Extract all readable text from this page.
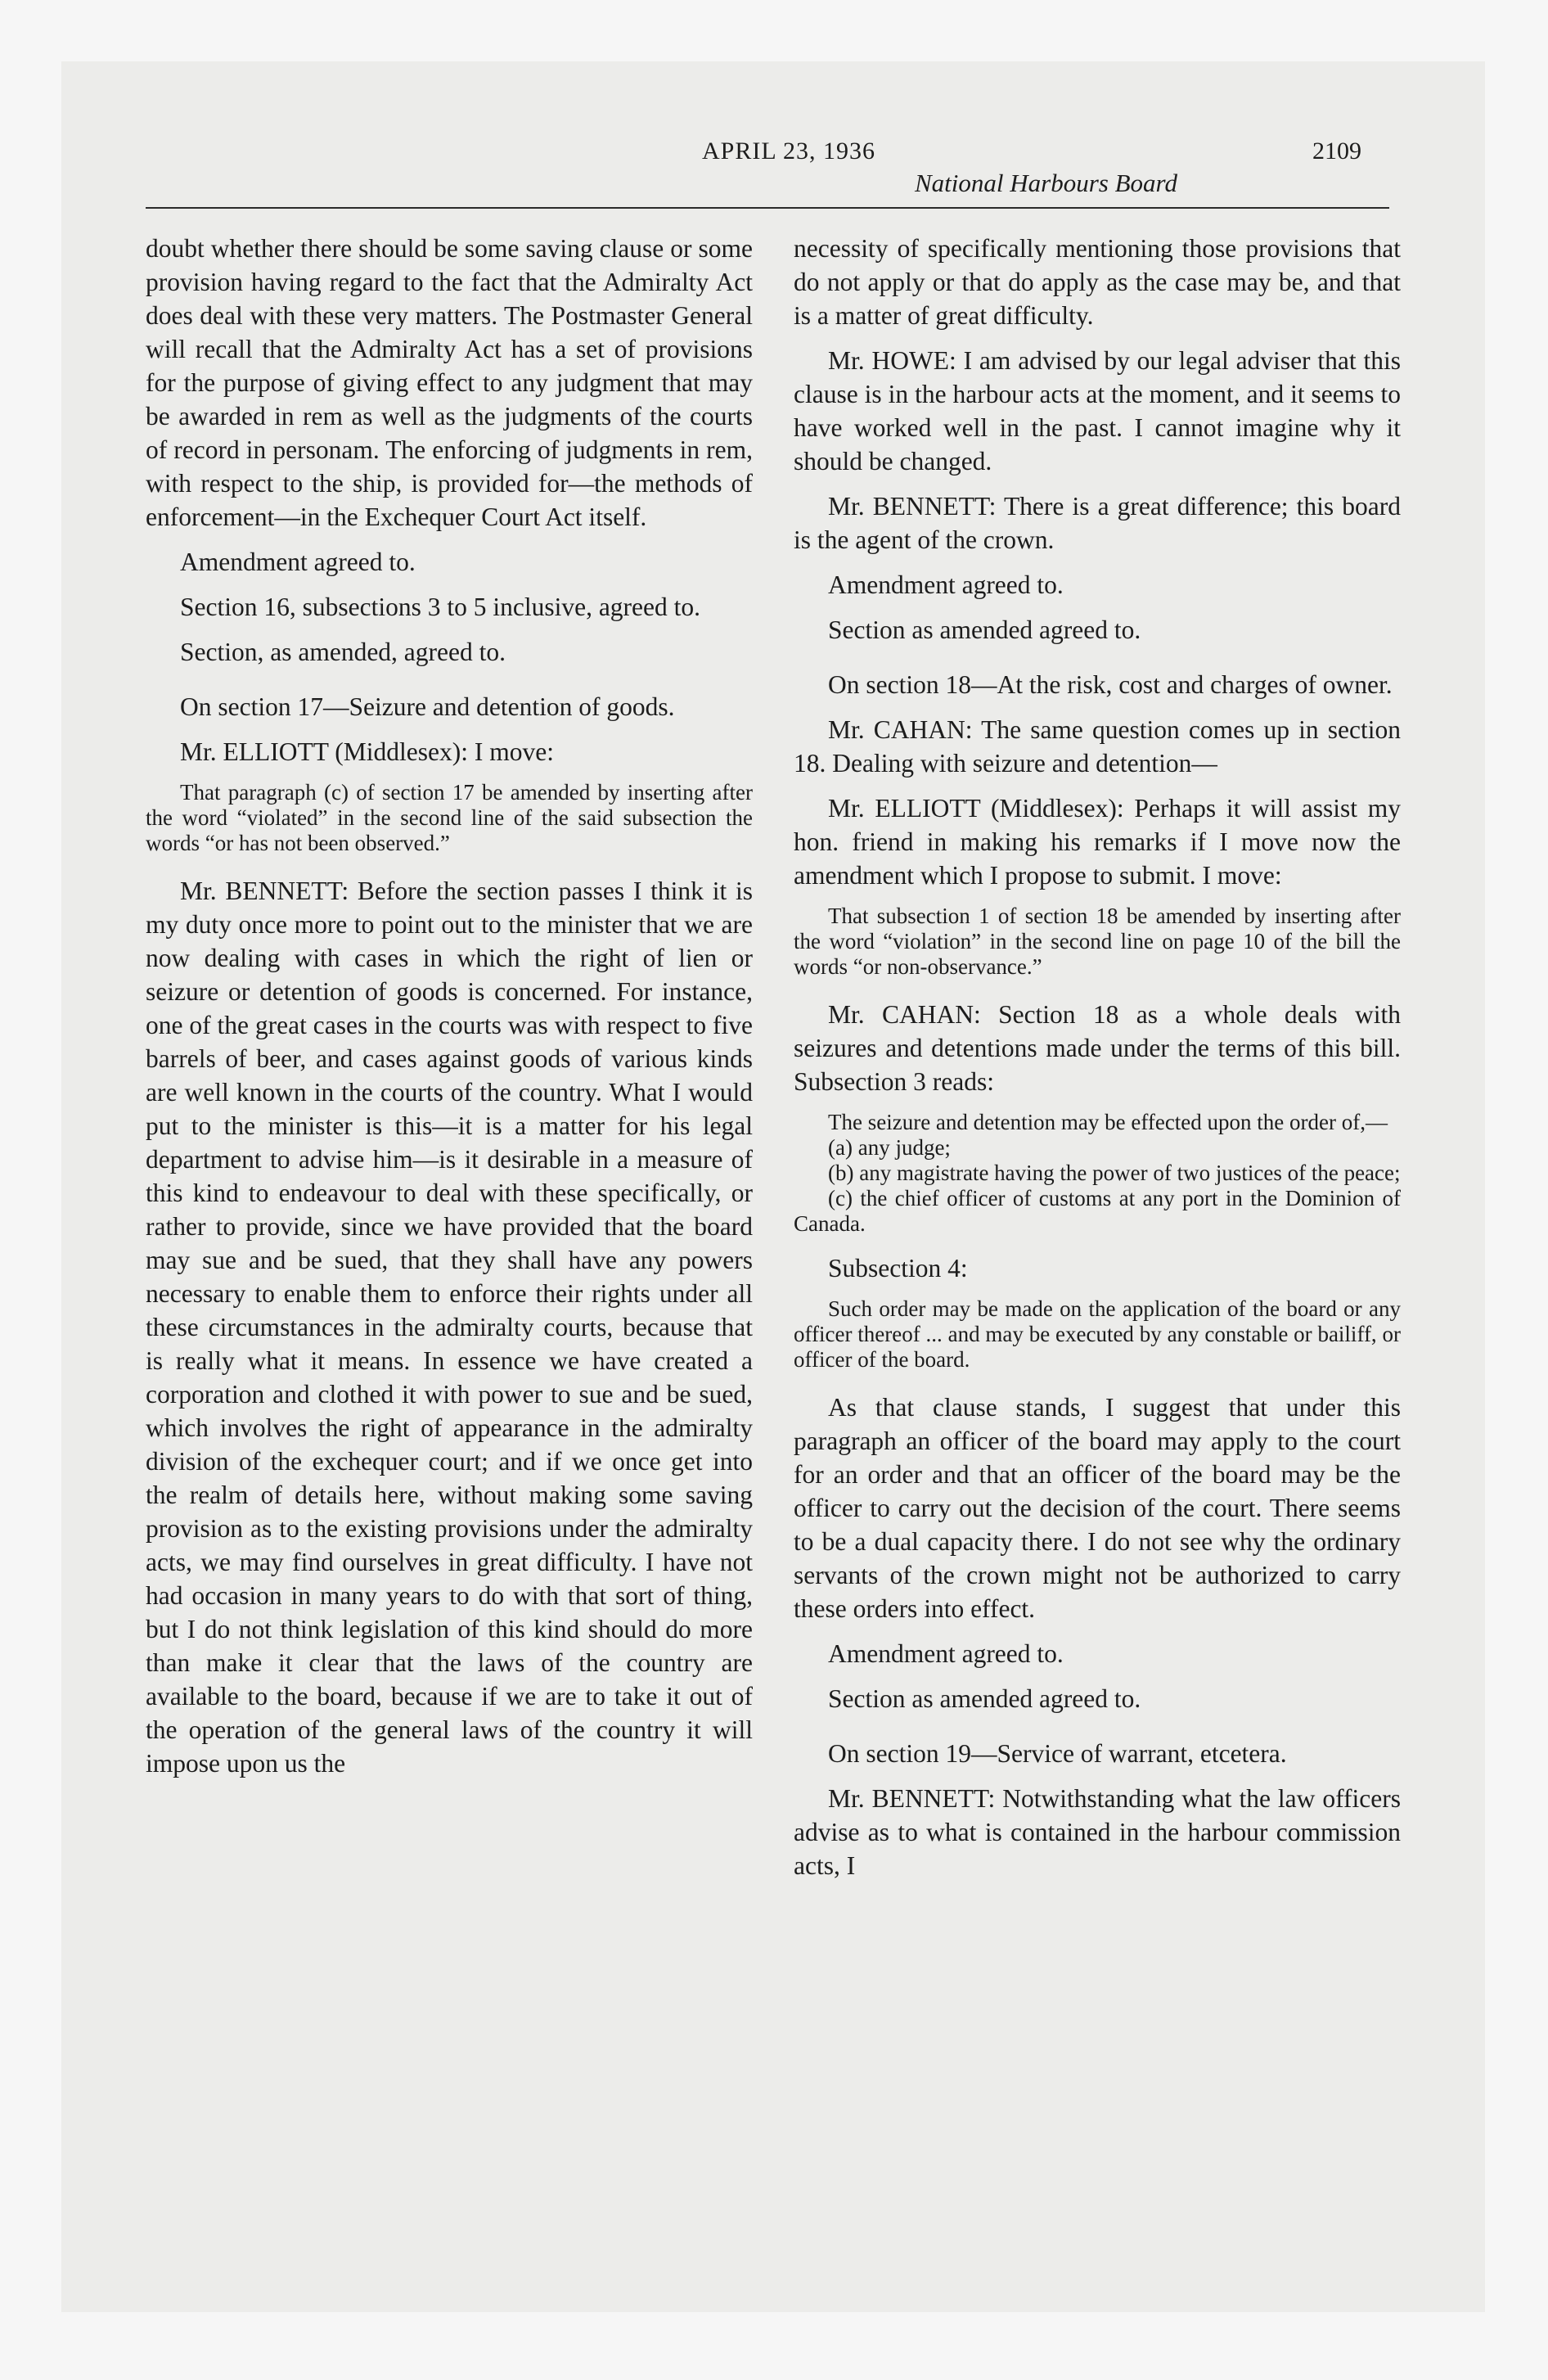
APRIL 23, 1936	2109
National Harbours Board

doubt whether there should be some saving clause or some provision having regard to the fact that the Admiralty Act does deal with these very matters. The Postmaster General will recall that the Admiralty Act has a set of provisions for the purpose of giving effect to any judgment that may be awarded in rem as well as the judgments of the courts of record in personam. The enforcing of judgments in rem, with respect to the ship, is provided for—the methods of enforcement—in the Exchequer Court Act itself.

Amendment agreed to.

Section 16, subsections 3 to 5 inclusive, agreed to.

Section, as amended, agreed to.

On section 17—Seizure and detention of goods.

Mr. ELLIOTT (Middlesex): I move:

That paragraph (c) of section 17 be amended by inserting after the word “violated” in the second line of the said subsection the words “or has not been observed.”

Mr. BENNETT: Before the section passes I think it is my duty once more to point out to the minister that we are now dealing with cases in which the right of lien or seizure or detention of goods is concerned. For instance, one of the great cases in the courts was with respect to five barrels of beer, and cases against goods of various kinds are well known in the courts of the country. What I would put to the minister is this—it is a matter for his legal department to advise him—is it desirable in a measure of this kind to endeavour to deal with these specifically, or rather to provide, since we have provided that the board may sue and be sued, that they shall have any powers necessary to enable them to enforce their rights under all these circumstances in the admiralty courts, because that is really what it means. In essence we have created a corporation and clothed it with power to sue and be sued, which involves the right of appearance in the admiralty division of the exchequer court; and if we once get into the realm of details here, without making some saving provision as to the existing provisions under the admiralty acts, we may find ourselves in great difficulty. I have not had occasion in many years to do with that sort of thing, but I do not think legislation of this kind should do more than make it clear that the laws of the country are available to the board, because if we are to take it out of the operation of the general laws of the country it will impose upon us the

necessity of specifically mentioning those provisions that do not apply or that do apply as the case may be, and that is a matter of great difficulty.

Mr. HOWE: I am advised by our legal adviser that this clause is in the harbour acts at the moment, and it seems to have worked well in the past. I cannot imagine why it should be changed.

Mr. BENNETT: There is a great difference; this board is the agent of the crown.

Amendment agreed to.

Section as amended agreed to.

On section 18—At the risk, cost and charges of owner.

Mr. CAHAN: The same question comes up in section 18. Dealing with seizure and detention—

Mr. ELLIOTT (Middlesex): Perhaps it will assist my hon. friend in making his remarks if I move now the amendment which I propose to submit. I move:

That subsection 1 of section 18 be amended by inserting after the word “violation” in the second line on page 10 of the bill the words “or non-observance.”

Mr. CAHAN: Section 18 as a whole deals with seizures and detentions made under the terms of this bill. Subsection 3 reads:

The seizure and detention may be effected upon the order of,—

(a) any judge;

(b) any magistrate having the power of two justices of the peace;

(c) the chief officer of customs at any port in the Dominion of Canada.

Subsection 4:

Such order may be made on the application of the board or any officer thereof ... and may be executed by any constable or bailiff, or officer of the board.

As that clause stands, I suggest that under this paragraph an officer of the board may apply to the court for an order and that an officer of the board may be the officer to carry out the decision of the court. There seems to be a dual capacity there. I do not see why the ordinary servants of the crown might not be authorized to carry these orders into effect.

Amendment agreed to.

Section as amended agreed to.

On section 19—Service of warrant, etcetera.

Mr. BENNETT: Notwithstanding what the law officers advise as to what is contained in the harbour commission acts, I
